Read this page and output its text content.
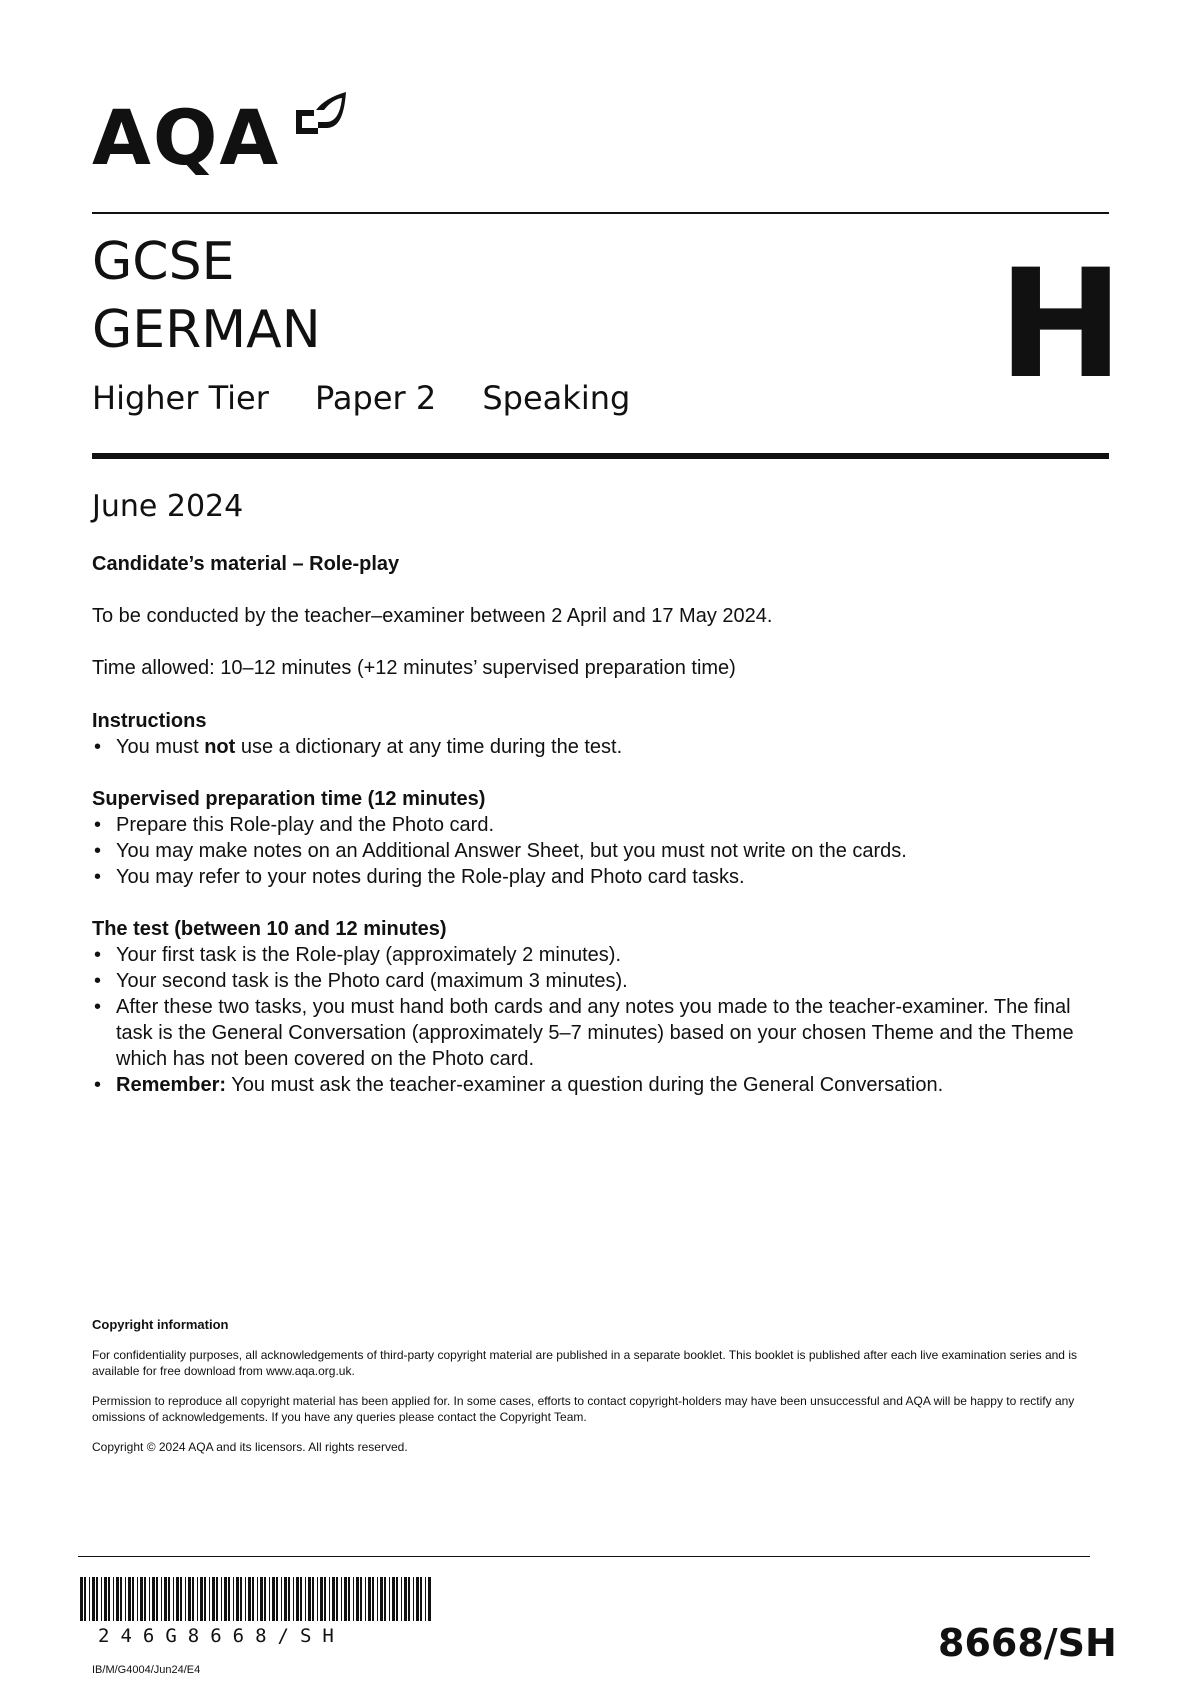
AQA
GCSE
GERMAN
Higher Tier Paper 2 Speaking H
June 2024
Candidate’s material – Role-play
To be conducted by the teacher–examiner between 2 April and 17 May 2024.
Time allowed: 10–12 minutes (+12 minutes’ supervised preparation time)
Instructions
• You must not use a dictionary at any time during the test.
Supervised preparation time (12 minutes)
• Prepare this Role-play and the Photo card.
• You may make notes on an Additional Answer Sheet, but you must not write on the cards.
• You may refer to your notes during the Role-play and Photo card tasks.
The test (between 10 and 12 minutes)
• Your first task is the Role-play (approximately 2 minutes).
• Your second task is the Photo card (maximum 3 minutes).
• After these two tasks, you must hand both cards and any notes you made to the teacher-examiner. The final task is the General Conversation (approximately 5–7 minutes) based on your chosen Theme and the Theme which has not been covered on the Photo card.
• Remember: You must ask the teacher-examiner a question during the General Conversation.
Copyright information
For confidentiality purposes, all acknowledgements of third-party copyright material are published in a separate booklet. This booklet is published after each live examination series and is available for free download from www.aqa.org.uk.
Permission to reproduce all copyright material has been applied for. In some cases, efforts to contact copyright-holders may have been unsuccessful and AQA will be happy to rectify any omissions of acknowledgements. If you have any queries please contact the Copyright Team.
Copyright © 2024 AQA and its licensors. All rights reserved.
246G8668/SH
IB/M/G4004/Jun24/E4
8668/SH
